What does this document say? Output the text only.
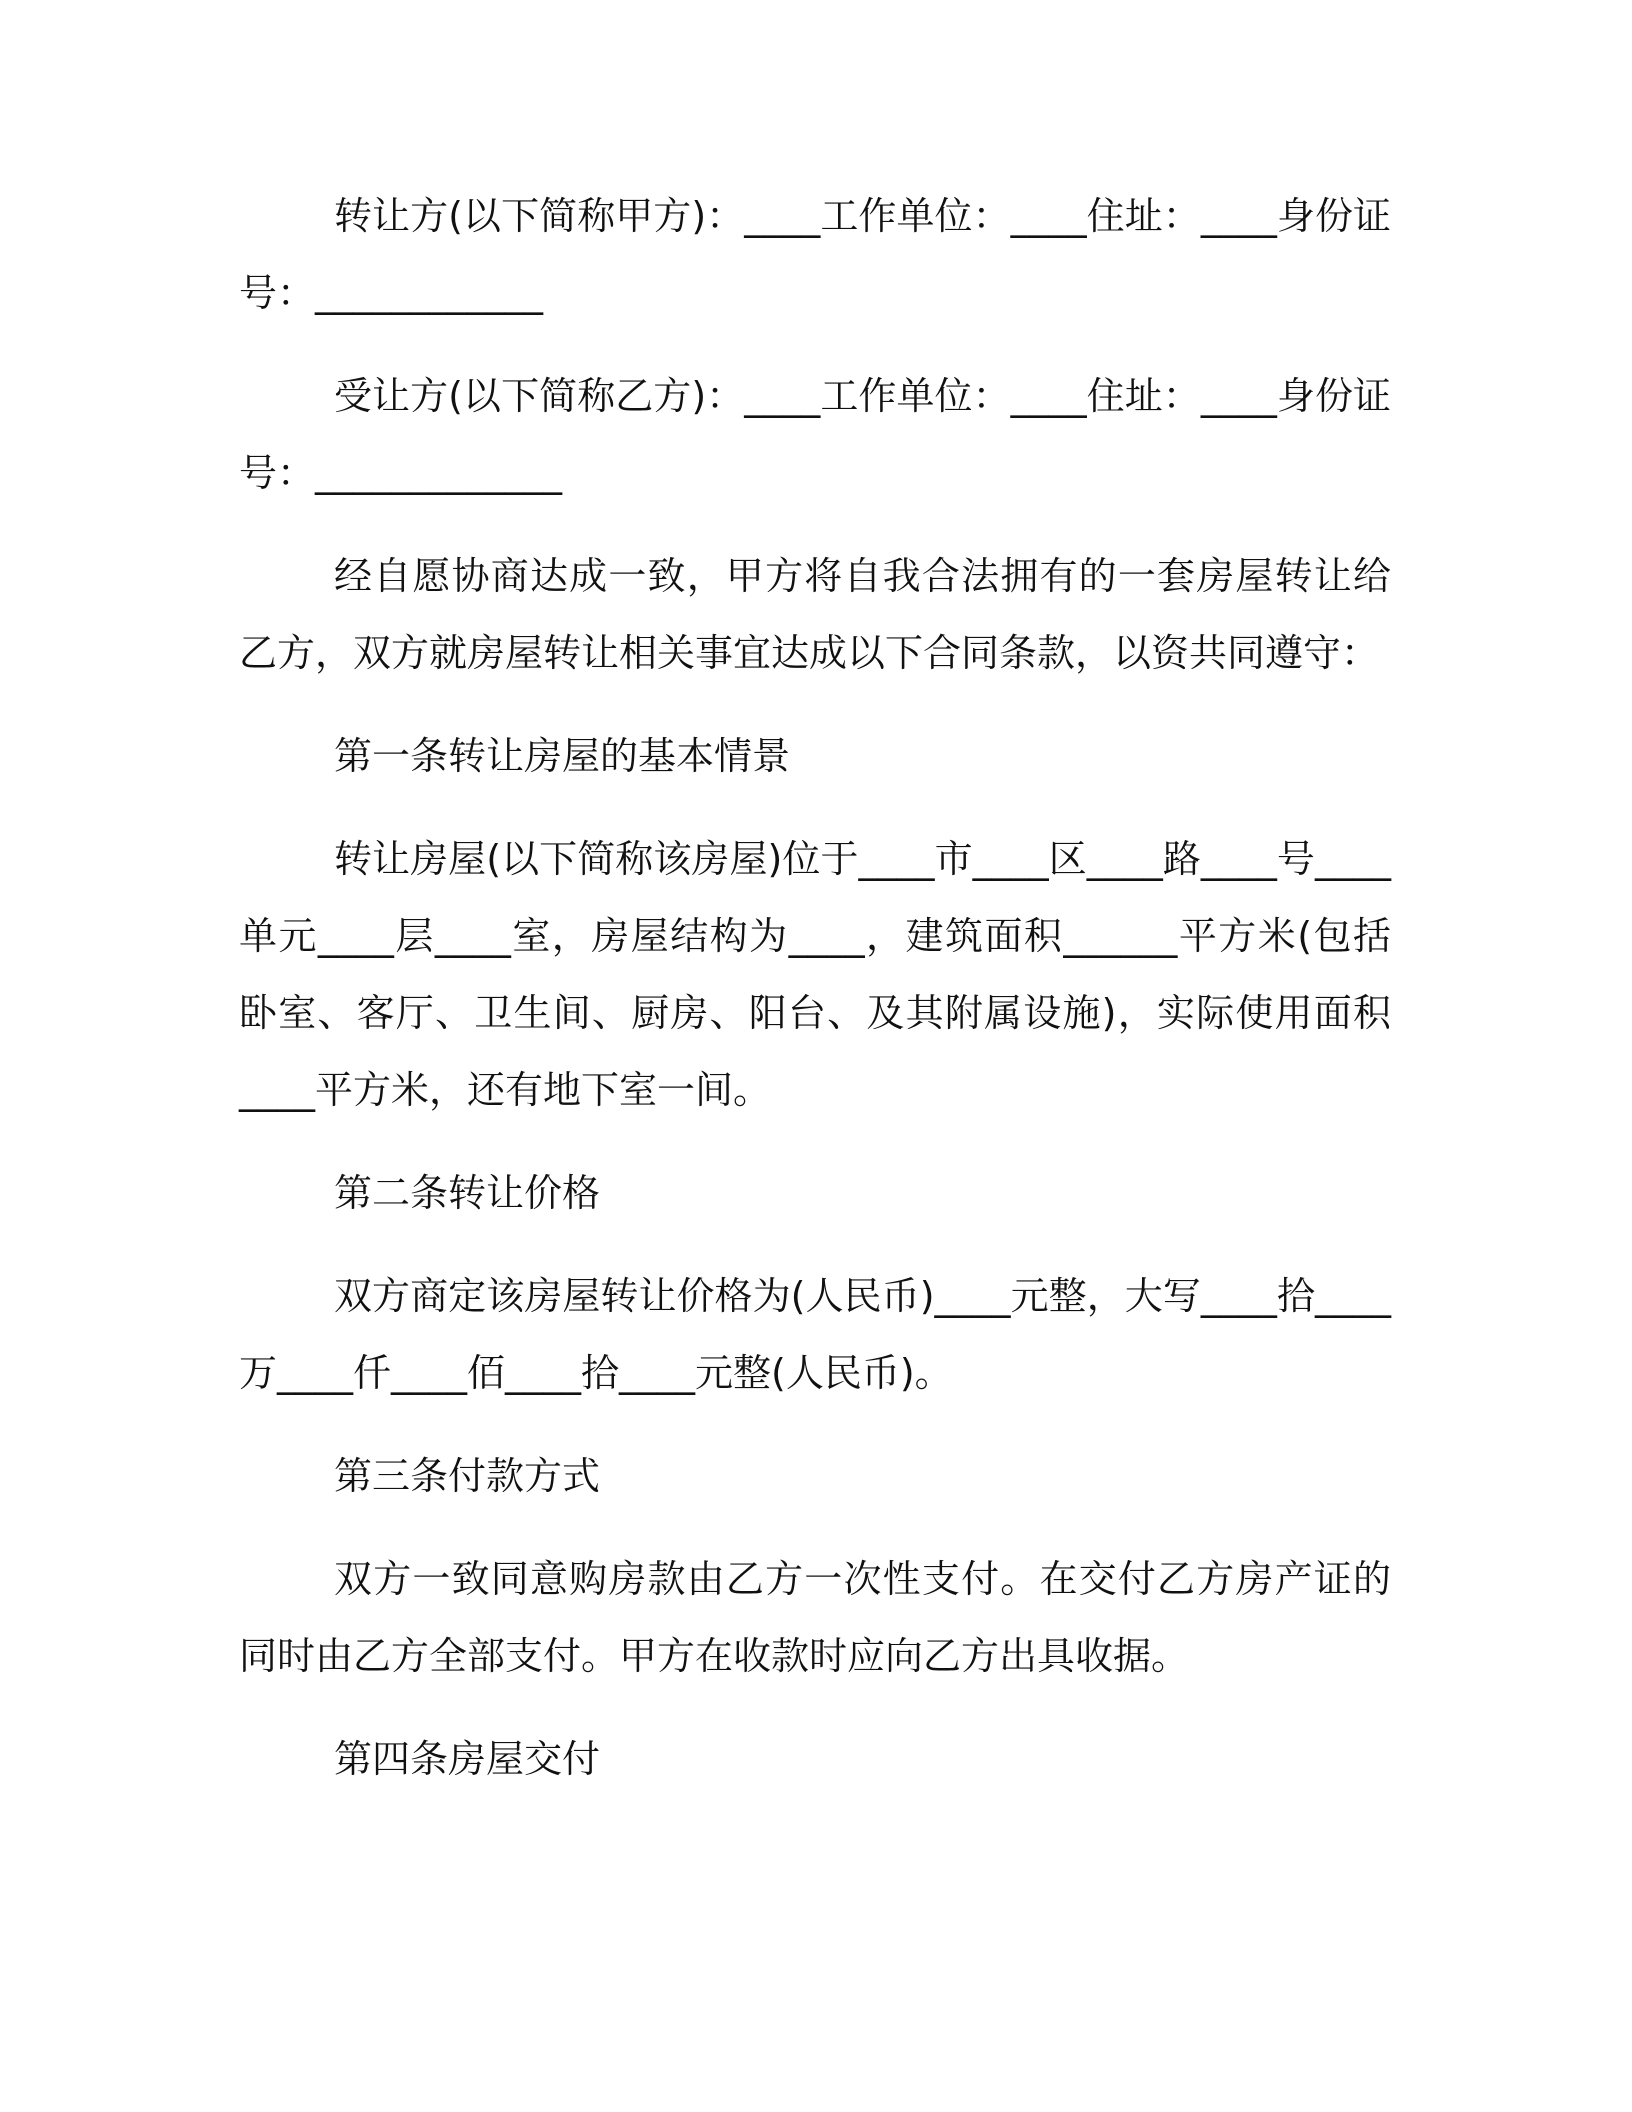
转让方(以下简称甲方)：____工作单位：____住址：____身份证号：____________

受让方(以下简称乙方)：____工作单位：____住址：____身份证号：_____________

经自愿协商达成一致，甲方将自我合法拥有的一套房屋转让给乙方，双方就房屋转让相关事宜达成以下合同条款，以资共同遵守：

第一条转让房屋的基本情景

转让房屋(以下简称该房屋)位于____市____区____路____号____单元____层____室，房屋结构为____，建筑面积______平方米(包括卧室、客厅、卫生间、厨房、阳台、及其附属设施)，实际使用面积____平方米，还有地下室一间。

第二条转让价格

双方商定该房屋转让价格为(人民币)____元整，大写____拾____万____仟____佰____拾____元整(人民币)。

第三条付款方式

双方一致同意购房款由乙方一次性支付。在交付乙方房产证的同时由乙方全部支付。甲方在收款时应向乙方出具收据。

第四条房屋交付
